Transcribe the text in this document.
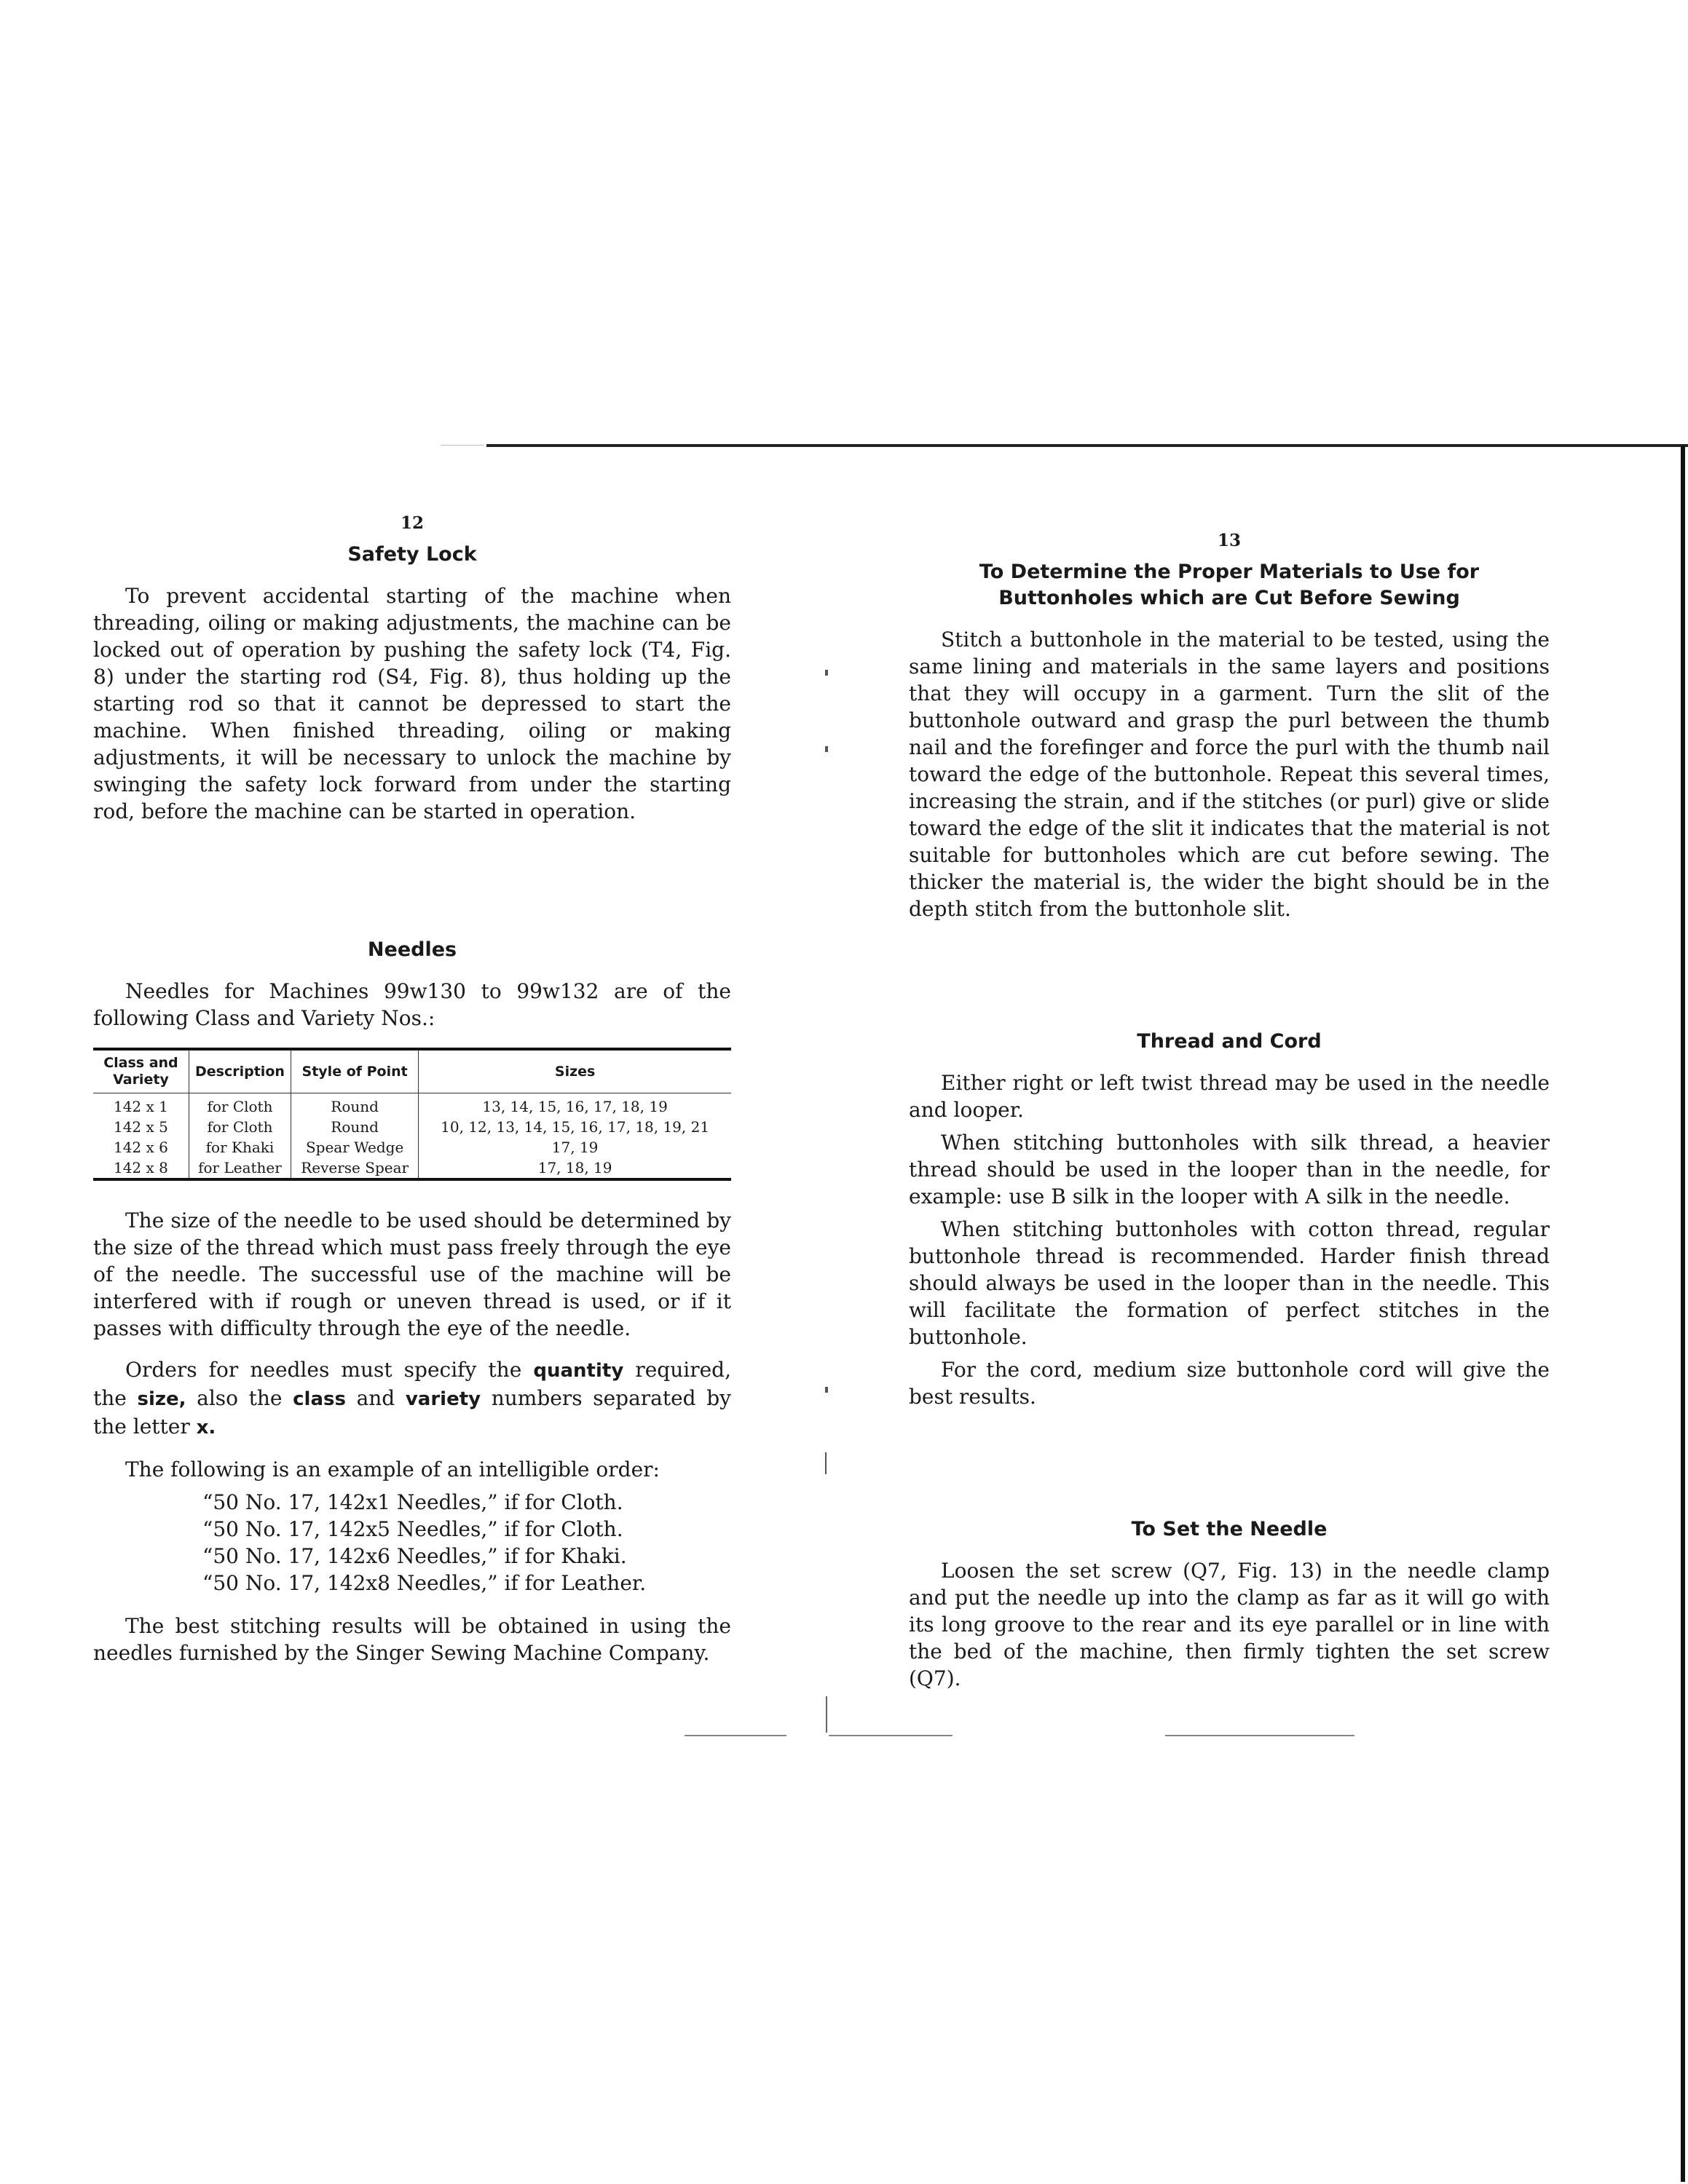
12
Safety Lock

To prevent accidental starting of the machine when threading, oiling or making adjustments, the machine can be locked out of operation by pushing the safety lock (T4, Fig. 8) under the starting rod (S4, Fig. 8), thus holding up the starting rod so that it cannot be depressed to start the machine. When finished threading, oiling or making adjustments, it will be necessary to unlock the machine by swinging the safety lock forward from under the starting rod, before the machine can be started in operation.

Needles

Needles for Machines 99w130 to 99w132 are of the following Class and Variety Nos.:

Class and Variety	Description	Style of Point	Sizes
142 x 1	for Cloth	Round	13, 14, 15, 16, 17, 18, 19
142 x 5	for Cloth	Round	10, 12, 13, 14, 15, 16, 17, 18, 19, 21
142 x 6	for Khaki	Spear Wedge	17, 19
142 x 8	for Leather	Reverse Spear	17, 18, 19

The size of the needle to be used should be determined by the size of the thread which must pass freely through the eye of the needle. The successful use of the machine will be interfered with if rough or uneven thread is used, or if it passes with difficulty through the eye of the needle.

Orders for needles must specify the quantity required, the size, also the class and variety numbers separated by the letter x.

The following is an example of an intelligible order:

“50 No. 17, 142x1 Needles,” if for Cloth.
“50 No. 17, 142x5 Needles,” if for Cloth.
“50 No. 17, 142x6 Needles,” if for Khaki.
“50 No. 17, 142x8 Needles,” if for Leather.

The best stitching results will be obtained in using the needles furnished by the Singer Sewing Machine Company.

13
To Determine the Proper Materials to Use for
Buttonholes which are Cut Before Sewing

Stitch a buttonhole in the material to be tested, using the same lining and materials in the same layers and positions that they will occupy in a garment. Turn the slit of the buttonhole outward and grasp the purl between the thumb nail and the forefinger and force the purl with the thumb nail toward the edge of the buttonhole. Repeat this several times, increasing the strain, and if the stitches (or purl) give or slide toward the edge of the slit it indicates that the material is not suitable for buttonholes which are cut before sewing. The thicker the material is, the wider the bight should be in the depth stitch from the buttonhole slit.

Thread and Cord

Either right or left twist thread may be used in the needle and looper.

When stitching buttonholes with silk thread, a heavier thread should be used in the looper than in the needle, for example: use B silk in the looper with A silk in the needle.

When stitching buttonholes with cotton thread, regular buttonhole thread is recommended. Harder finish thread should always be used in the looper than in the needle. This will facilitate the formation of perfect stitches in the buttonhole.

For the cord, medium size buttonhole cord will give the best results.

To Set the Needle

Loosen the set screw (Q7, Fig. 13) in the needle clamp and put the needle up into the clamp as far as it will go with its long groove to the rear and its eye parallel or in line with the bed of the machine, then firmly tighten the set screw (Q7).
